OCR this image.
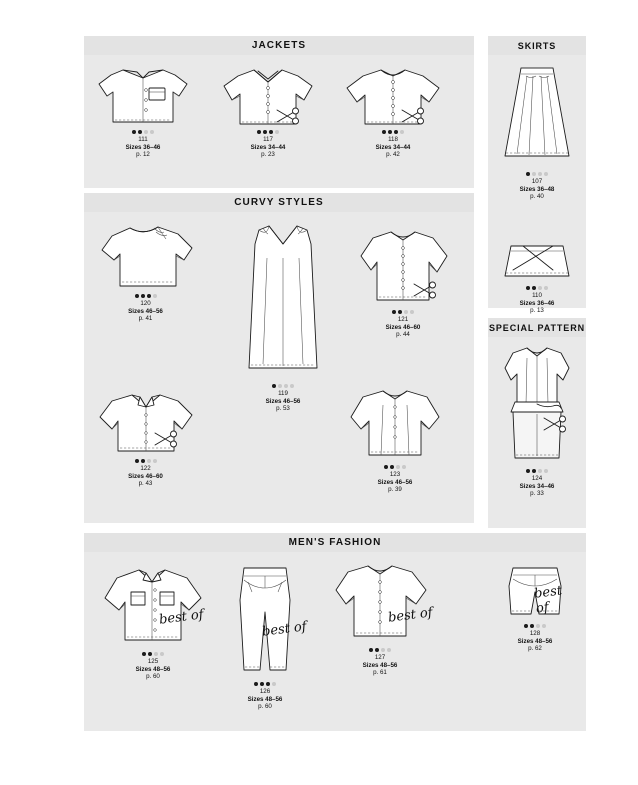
JACKETS
111
Sizes 36–46
p. 12
117
Sizes 34–44
p. 23
118
Sizes 34–44
p. 42
CURVY STYLES
120
Sizes 46–56
p. 41
119
Sizes 46–56
p. 53
121
Sizes 46–60
p. 44
122
Sizes 46–60
p. 43
123
Sizes 46–56
p. 39
MEN'S FASHION
best of
125
Sizes 48–56
p. 60
best of
126
Sizes 48–56
p. 60
best of
127
Sizes 48–56
p. 61
best of
128
Sizes 48–56
p. 62
SKIRTS
107
Sizes 36–48
p. 40
110
Sizes 36–46
p. 13
SPECIAL PATTERN
124
Sizes 34–46
p. 33
